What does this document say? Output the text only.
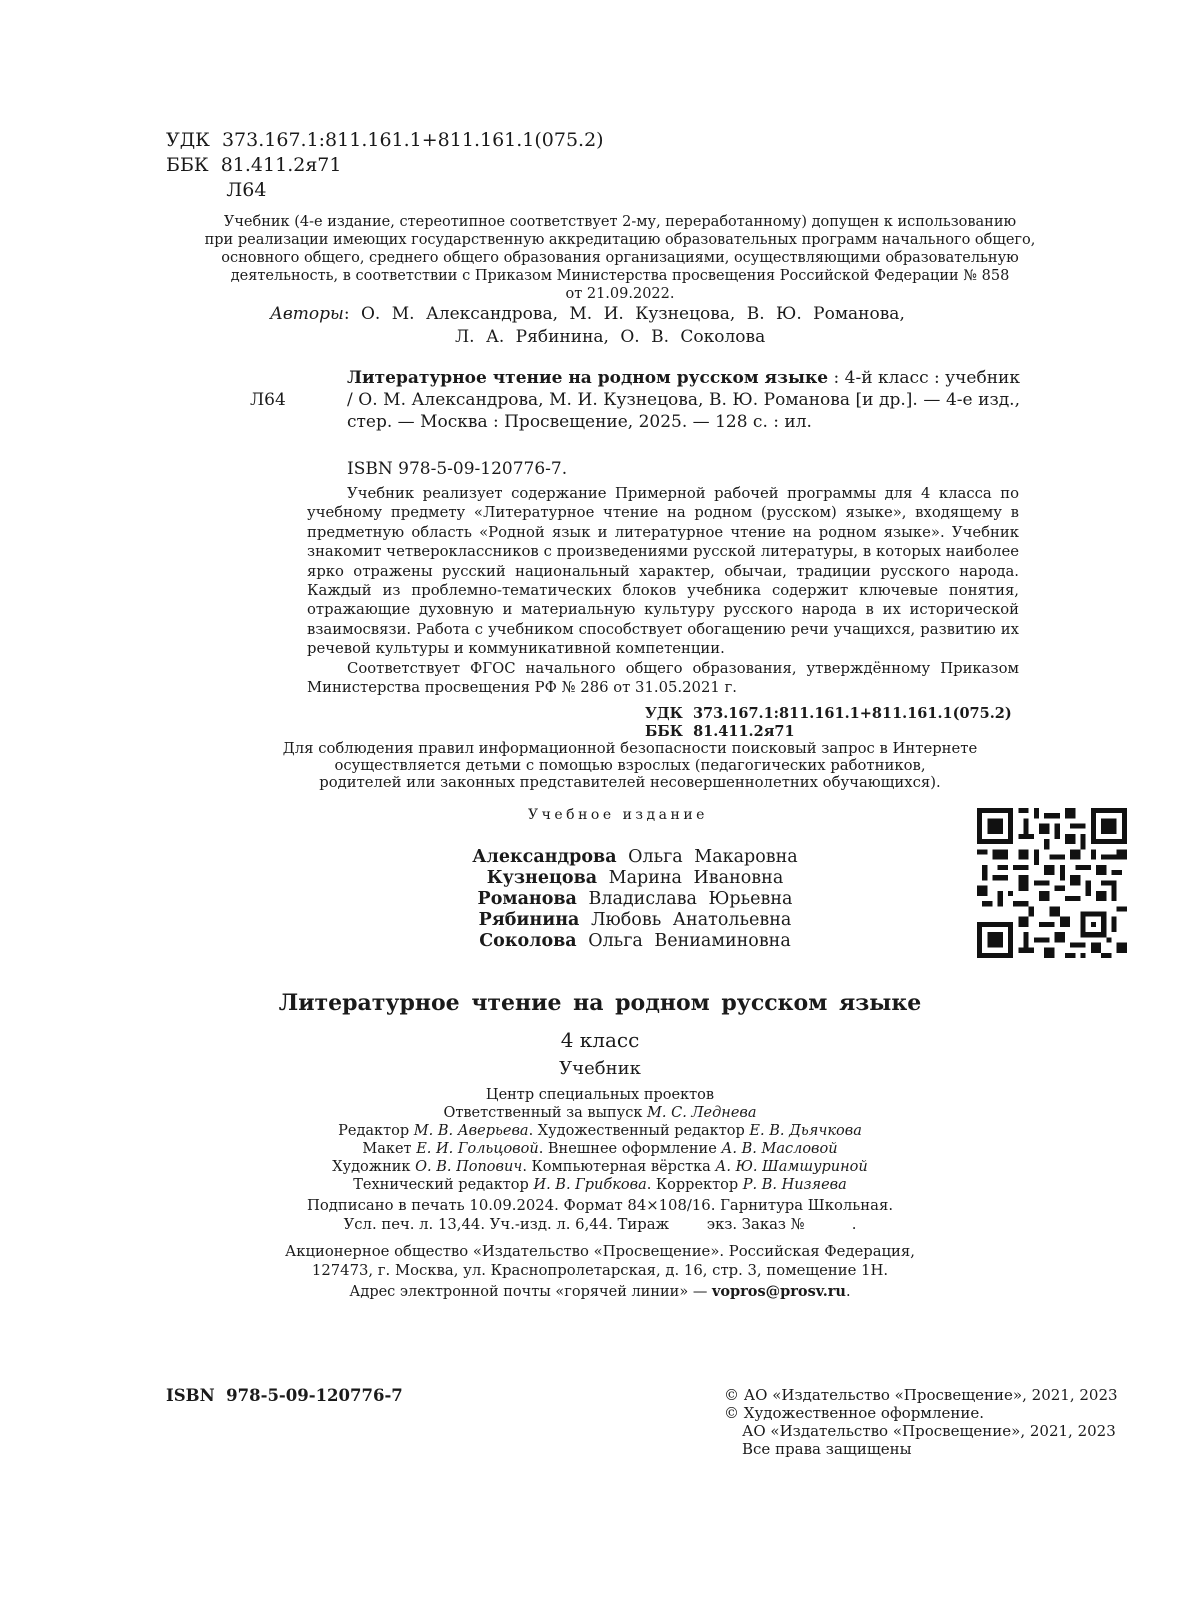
УДК  373.167.1:811.161.1+811.161.1(075.2)
ББК  81.411.2я71
Л64
Учебник (4-е издание, стереотипное соответствует 2-му, переработанному) допущен к использованию
при реализации имеющих государственную аккредитацию образовательных программ начального общего,
основного общего, среднего общего образования организациями, осуществляющими образовательную
деятельность, в соответствии с Приказом Министерства просвещения Российской Федерации № 858
от 21.09.2022.
Авторы: О. М. Александрова, М. И. Кузнецова, В. Ю. Романова,
Л. А. Рябинина, О. В. Соколова
Л64
Литературное чтение на родном русском языке : 4-й класс : учебник / О. М. Александрова, М. И. Кузнецова, В. Ю. Романова [и др.]. — 4-е изд., стер. — Москва : Просвещение, 2025. — 128 с. : ил.
ISBN 978-5-09-120776-7.

Учебник реализует содержание Примерной рабочей программы для 4 класса по учебному предмету «Литературное чтение на родном (русском) языке», входящему в предметную область «Родной язык и литературное чтение на родном языке». Учебник знакомит четвероклассников с произведениями русской литературы, в которых наиболее ярко отражены русский национальный характер, обычаи, традиции русского народа. Каждый из проблемно-тематических блоков учебника содержит ключевые понятия, отражающие духовную и материальную культуру русского народа в их исторической взаимосвязи. Работа с учебником способствует обогащению речи учащихся, развитию их речевой культуры и коммуникативной компетенции.

Соответствует ФГОС начального общего образования, утверждённому Приказом Министерства просвещения РФ № 286 от 31.05.2021 г.

УДК  373.167.1:811.161.1+811.161.1(075.2)
ББК  81.411.2я71
Для соблюдения правил информационной безопасности поисковый запрос в Интернете
осуществляется детьми с помощью взрослых (педагогических работников,
родителей или законных представителей несовершеннолетних обучающихся).
Учебное издание
Александрова Ольга Макаровна
Кузнецова Марина Ивановна
Романова Владислава Юрьевна
Рябинина Любовь Анатольевна
Соколова Ольга Вениаминовна
Литературное чтение на родном русском языке
4 класс
Учебник
Центр специальных проектов
Ответственный за выпуск М. С. Леднева
Редактор М. В. Аверьева. Художественный редактор Е. В. Дьячкова
Макет Е. И. Гольцовой. Внешнее оформление А. В. Масловой
Художник О. В. Попович. Компьютерная вёрстка А. Ю. Шамшуриной
Технический редактор И. В. Грибкова. Корректор Р. В. Низяева
Подписано в печать 10.09.2024. Формат 84×108/16. Гарнитура Школьная.
Усл. печ. л. 13,44. Уч.-изд. л. 6,44. Тираж        экз. Заказ №          .
Акционерное общество «Издательство «Просвещение». Российская Федерация,
127473, г. Москва, ул. Краснопролетарская, д. 16, стр. 3, помещение 1Н.
Адрес электронной почты «горячей линии» — vopros@prosv.ru.
ISBN  978-5-09-120776-7	© АО «Издательство «Просвещение», 2021, 2023
© Художественное оформление.
АО «Издательство «Просвещение», 2021, 2023
Все права защищены
